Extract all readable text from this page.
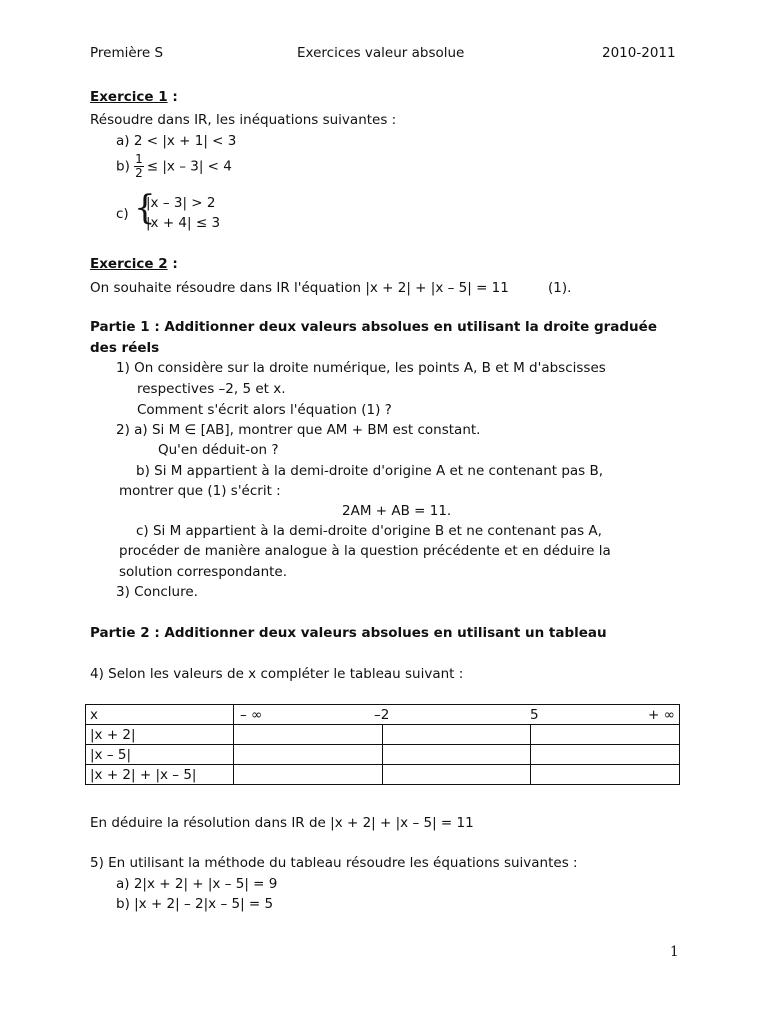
Première S	Exercices valeur absolue	2010-2011
Exercice 1 :
Résoudre dans IR, les inéquations suivantes :
a) 2 < |x + 1| < 3
$b) \frac{1}{2} \le |x - 3| < 4$
c) {
|x – 3| > 2
|x + 4| ≤ 3
Exercice 2 :
On souhaite résoudre dans IR l'équation |x + 2| + |x – 5| = 11	(1).
Partie 1 : Additionner deux valeurs absolues en utilisant la droite graduée
des réels
1) On considère sur la droite numérique, les points A, B et M d'abscisses
respectives –2, 5 et x.
Comment s'écrit alors l'équation (1) ?
2) a) Si M ∈ [AB], montrer que AM + BM est constant.
Qu'en déduit-on ?
b) Si M appartient à la demi-droite d'origine A et ne contenant pas B,
montrer que (1) s'écrit :
2AM + AB = 11.
c) Si M appartient à la demi-droite d'origine B et ne contenant pas A,
procéder de manière analogue à la question précédente et en déduire la
solution correspondante.
3) Conclure.
Partie 2 : Additionner deux valeurs absolues en utilisant un tableau
4) Selon les valeurs de x compléter le tableau suivant :
x	– ∞ –2 5 + ∞		

|x + 2|			
|x – 5|			
|x + 2| + |x – 5|			
En déduire la résolution dans IR de |x + 2| + |x – 5| = 11
5) En utilisant la méthode du tableau résoudre les équations suivantes :
a) 2|x + 2| + |x – 5| = 9
b) |x + 2| – 2|x – 5| = 5
1
